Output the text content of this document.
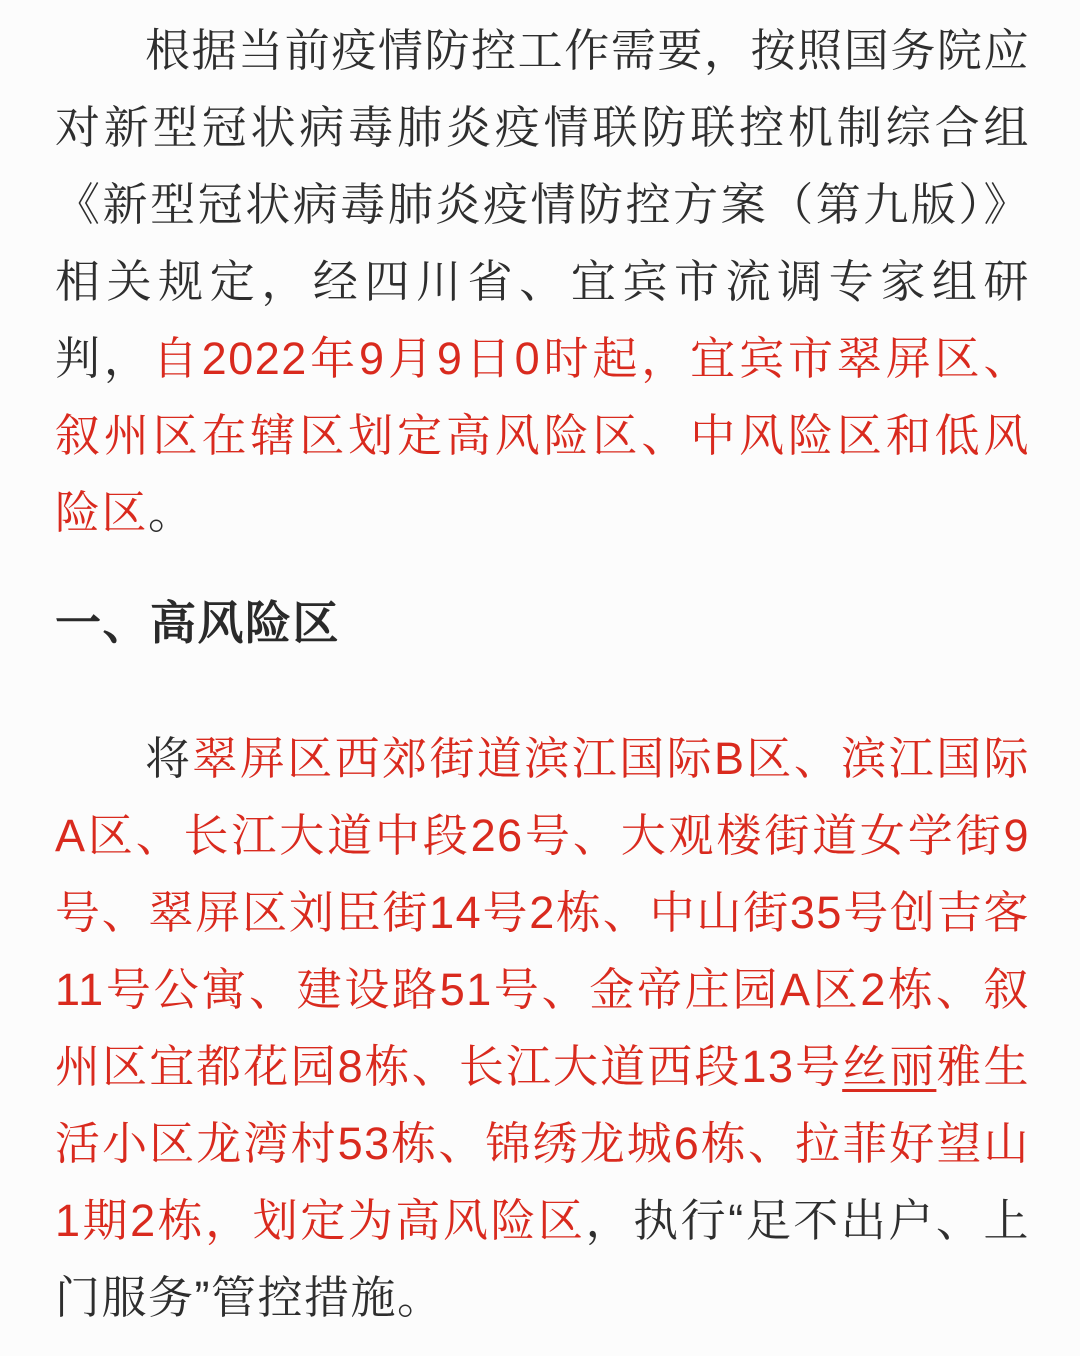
根据当前疫情防控工作需要，按照国务院应对新型冠状病毒肺炎疫情联防联控机制综合组《新型冠状病毒肺炎疫情防控方案（第九版）》相关规定，经四川省、宜宾市流调专家组研判，自2022年9月9日0时起，宜宾市翠屏区、叙州区在辖区划定高风险区、中风险区和低风险区。

一、高风险区

将翠屏区西郊街道滨江国际B区、滨江国际A区、长江大道中段26号、大观楼街道女学街9号、翠屏区刘臣街14号2栋、中山街35号创吉客11号公寓、建设路51号、金帝庄园A区2栋、叙州区宜都花园8栋、长江大道西段13号丝丽雅生活小区龙湾村53栋、锦绣龙城6栋、拉菲好望山1期2栋，划定为高风险区，执行“足不出户、上门服务”管控措施。
